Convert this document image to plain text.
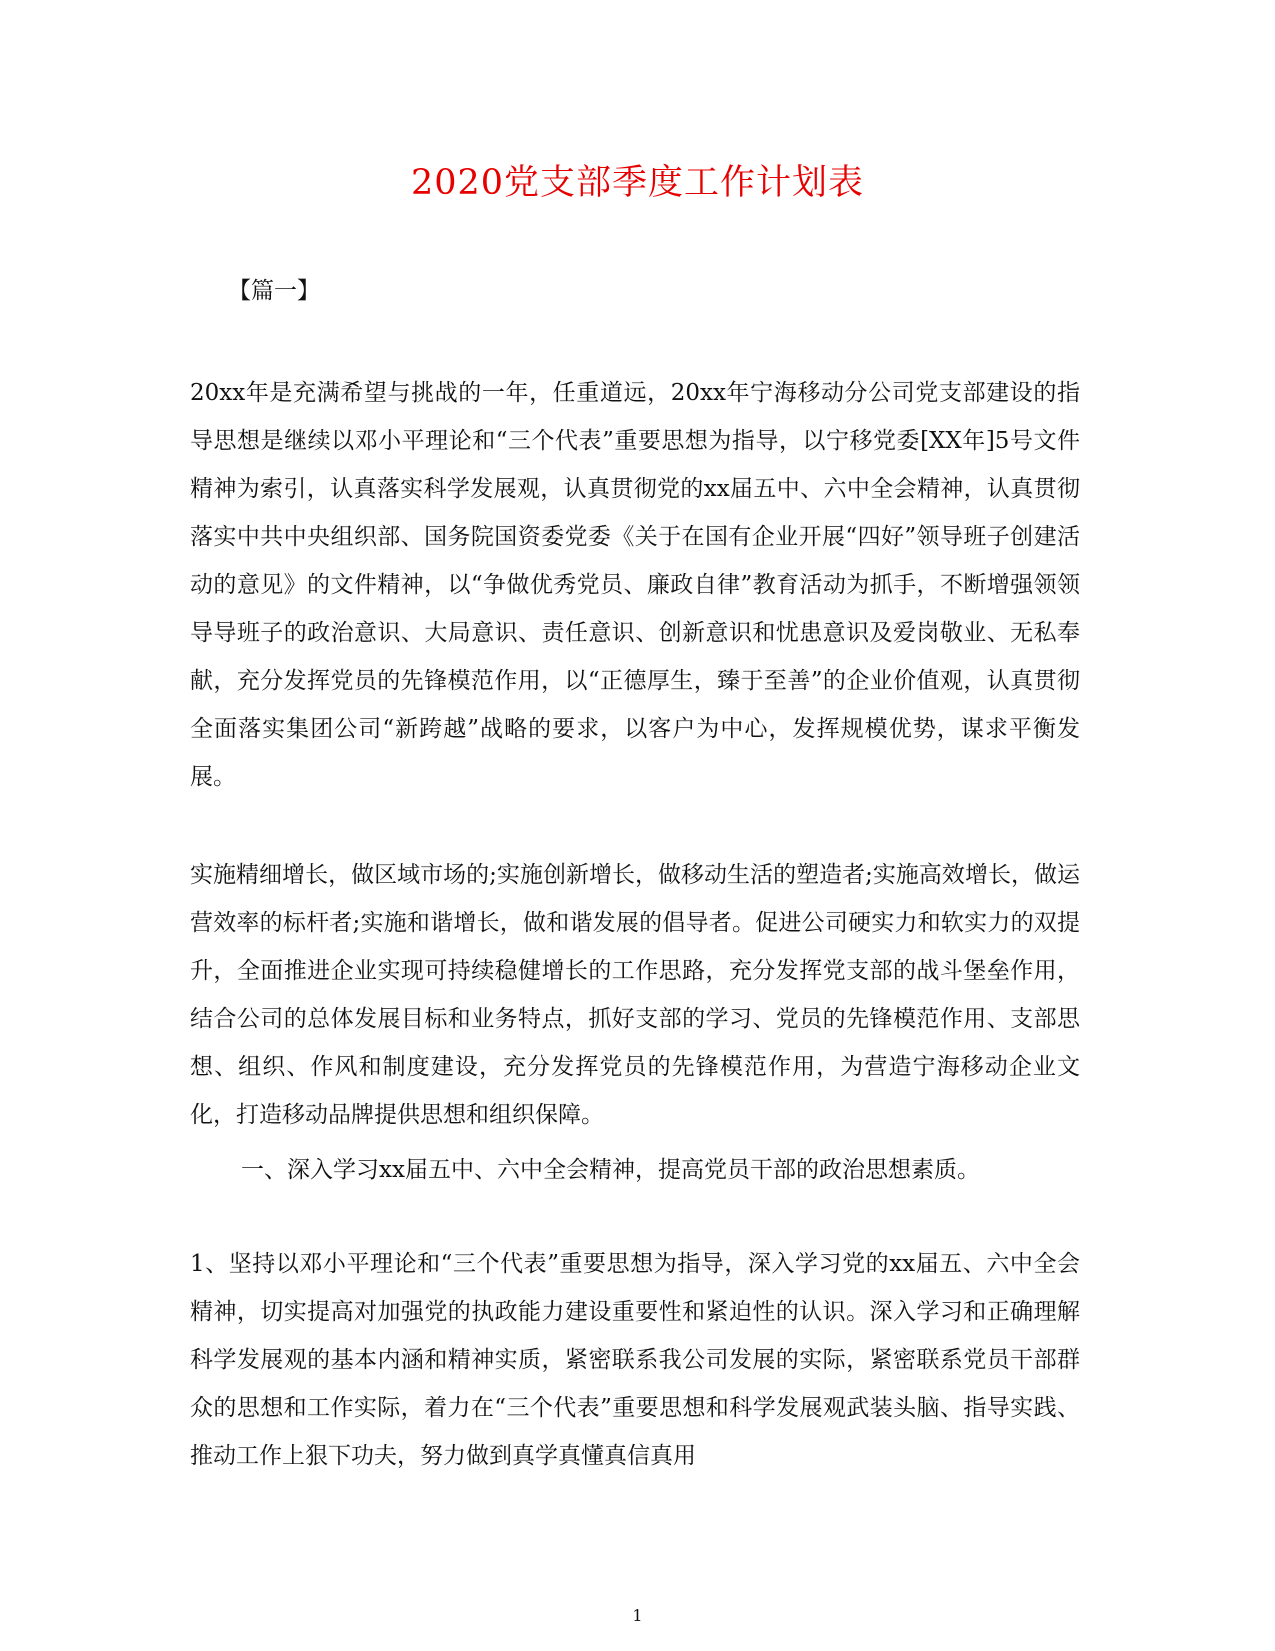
2020党支部季度工作计划表
【篇一】

20xx年是充满希望与挑战的一年，任重道远，20xx年宁海移动分公司党支部建设的指导思想是继续以邓小平理论和“三个代表”重要思想为指导，以宁移党委[XX年]5号文件精神为索引，认真落实科学发展观，认真贯彻党的xx届五中、六中全会精神，认真贯彻落实中共中央组织部、国务院国资委党委《关于在国有企业开展“四好”领导班子创建活动的意见》的文件精神，以“争做优秀党员、廉政自律”教育活动为抓手，不断增强领领导导班子的政治意识、大局意识、责任意识、创新意识和忧患意识及爱岗敬业、无私奉献，充分发挥党员的先锋模范作用，以“正德厚生，臻于至善”的企业价值观，认真贯彻全面落实集团公司“新跨越”战略的要求，以客户为中心，发挥规模优势，谋求平衡发展。

实施精细增长，做区域市场的;实施创新增长，做移动生活的塑造者;实施高效增长，做运营效率的标杆者;实施和谐增长，做和谐发展的倡导者。促进公司硬实力和软实力的双提升，全面推进企业实现可持续稳健增长的工作思路，充分发挥党支部的战斗堡垒作用，结合公司的总体发展目标和业务特点，抓好支部的学习、党员的先锋模范作用、支部思想、组织、作风和制度建设，充分发挥党员的先锋模范作用，为营造宁海移动企业文化，打造移动品牌提供思想和组织保障。

一、深入学习xx届五中、六中全会精神，提高党员干部的政治思想素质。

1、坚持以邓小平理论和“三个代表”重要思想为指导，深入学习党的xx届五、六中全会精神，切实提高对加强党的执政能力建设重要性和紧迫性的认识。深入学习和正确理解科学发展观的基本内涵和精神实质，紧密联系我公司发展的实际，紧密联系党员干部群众的思想和工作实际，着力在“三个代表”重要思想和科学发展观武装头脑、指导实践、推动工作上狠下功夫，努力做到真学真懂真信真用

1
